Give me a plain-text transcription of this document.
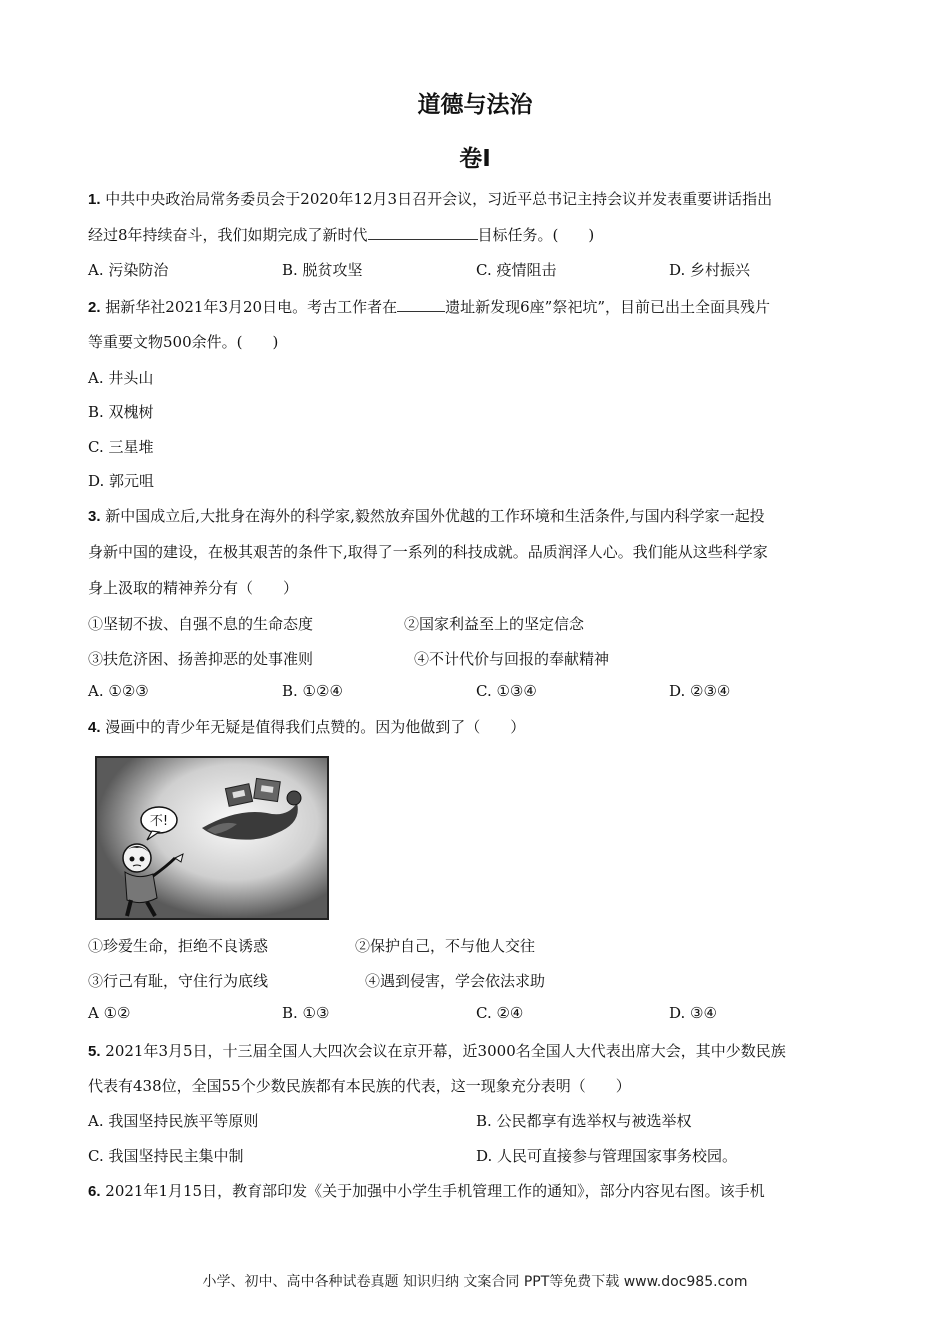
道德与法治
卷I
1. 中共中央政治局常务委员会于2020年12月3日召开会议，习近平总书记主持会议并发表重要讲话指出
经过8年持续奋斗，我们如期完成了新时代	目标任务。(　　)
A. 污染防治	B. 脱贫攻坚	C. 疫情阻击	D. 乡村振兴
2. 据新华社2021年3月20日电。考古工作者在	遗址新发现6座”祭祀坑”，目前已出土全面具残片
等重要文物500余件。(　　)
A. 井头山
B. 双槐树
C. 三星堆
D. 郭元咀
3. 新中国成立后,大批身在海外的科学家,毅然放弃国外优越的工作环境和生活条件,与国内科学家一起投
身新中国的建设，在极其艰苦的条件下,取得了一系列的科技成就。品质润泽人心。我们能从这些科学家
身上汲取的精神养分有（　　）
①坚韧不拔、自强不息的生命态度	②国家利益至上的坚定信念
③扶危济困、扬善抑恶的处事准则	④不计代价与回报的奉献精神
A. ①②③	B. ①②④	C. ①③④	D. ②③④
4. 漫画中的青少年无疑是值得我们点赞的。因为他做到了（　　）
不!
①珍爱生命，拒绝不良诱惑	②保护自己，不与他人交往
③行己有耻，守住行为底线	④遇到侵害，学会依法求助
A ①②	B. ①③	C. ②④	D. ③④
5. 2021年3月5日，十三届全国人大四次会议在京开幕，近3000名全国人大代表出席大会，其中少数民族
代表有438位，全国55个少数民族都有本民族的代表，这一现象充分表明（　　）
A. 我国坚持民族平等原则	B. 公民都享有选举权与被选举权
C. 我国坚持民主集中制	D. 人民可直接参与管理国家事务校园。
6. 2021年1月15日，教育部印发《关于加强中小学生手机管理工作的通知》，部分内容见右图。该手机
小学、初中、高中各种试卷真题 知识归纳 文案合同 PPT等免费下载 www.doc985.com
